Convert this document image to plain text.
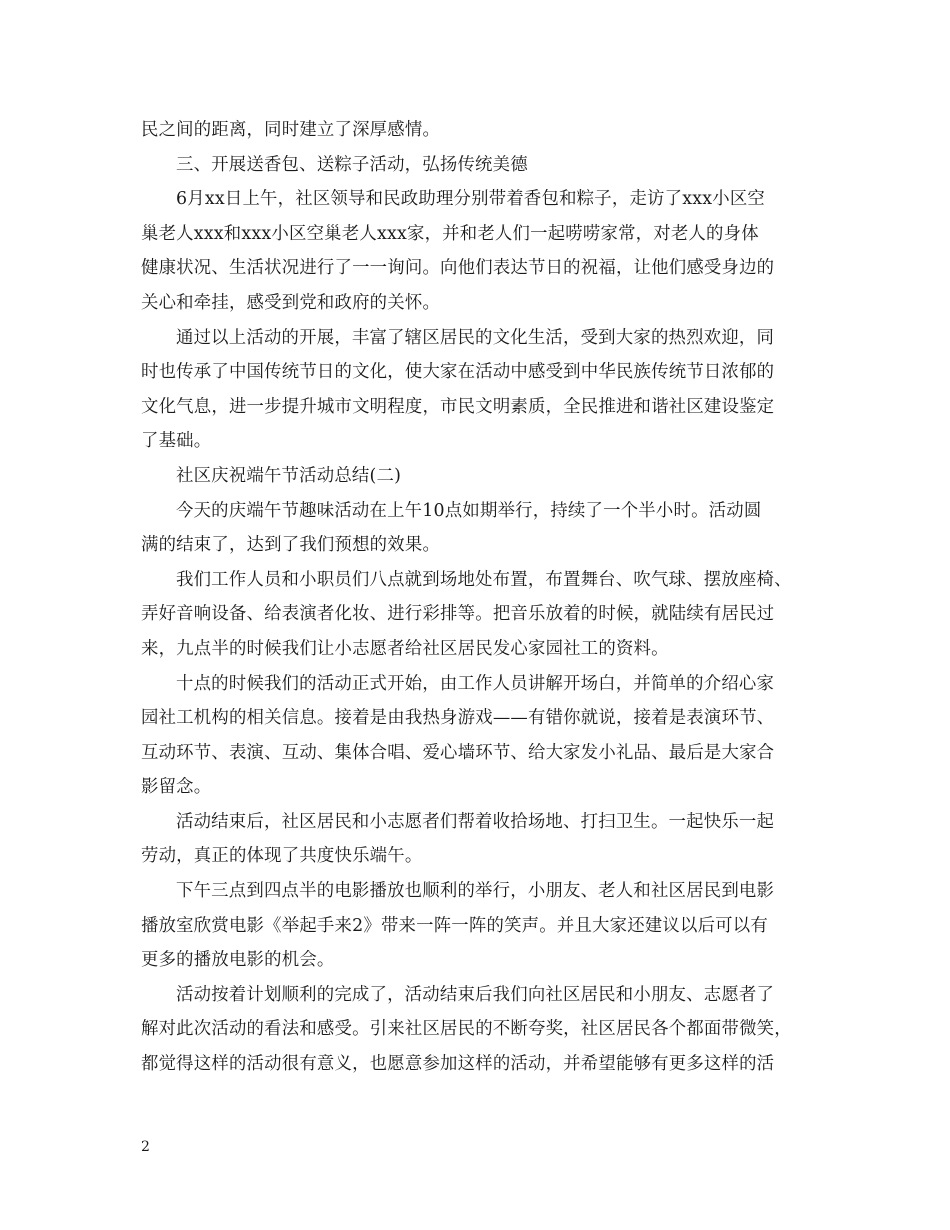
民之间的距离，同时建立了深厚感情。
三、开展送香包、送粽子活动，弘扬传统美德
6月xx日上午，社区领导和民政助理分别带着香包和粽子，走访了xxx小区空
巢老人xxx和xxx小区空巢老人xxx家，并和老人们一起唠唠家常，对老人的身体
健康状况、生活状况进行了一一询问。向他们表达节日的祝福，让他们感受身边的
关心和牵挂，感受到党和政府的关怀。
通过以上活动的开展，丰富了辖区居民的文化生活，受到大家的热烈欢迎，同
时也传承了中国传统节日的文化，使大家在活动中感受到中华民族传统节日浓郁的
文化气息，进一步提升城市文明程度，市民文明素质，全民推进和谐社区建设鉴定
了基础。
社区庆祝端午节活动总结(二)
今天的庆端午节趣味活动在上午10点如期举行，持续了一个半小时。活动圆
满的结束了，达到了我们预想的效果。
我们工作人员和小职员们八点就到场地处布置，布置舞台、吹气球、摆放座椅、
弄好音响设备、给表演者化妆、进行彩排等。把音乐放着的时候，就陆续有居民过
来，九点半的时候我们让小志愿者给社区居民发心家园社工的资料。
十点的时候我们的活动正式开始，由工作人员讲解开场白，并简单的介绍心家
园社工机构的相关信息。接着是由我热身游戏——有错你就说，接着是表演环节、
互动环节、表演、互动、集体合唱、爱心墙环节、给大家发小礼品、最后是大家合
影留念。
活动结束后，社区居民和小志愿者们帮着收拾场地、打扫卫生。一起快乐一起
劳动，真正的体现了共度快乐端午。
下午三点到四点半的电影播放也顺利的举行，小朋友、老人和社区居民到电影
播放室欣赏电影《举起手来2》带来一阵一阵的笑声。并且大家还建议以后可以有
更多的播放电影的机会。
活动按着计划顺利的完成了，活动结束后我们向社区居民和小朋友、志愿者了
解对此次活动的看法和感受。引来社区居民的不断夸奖，社区居民各个都面带微笑，
都觉得这样的活动很有意义，也愿意参加这样的活动，并希望能够有更多这样的活
2
